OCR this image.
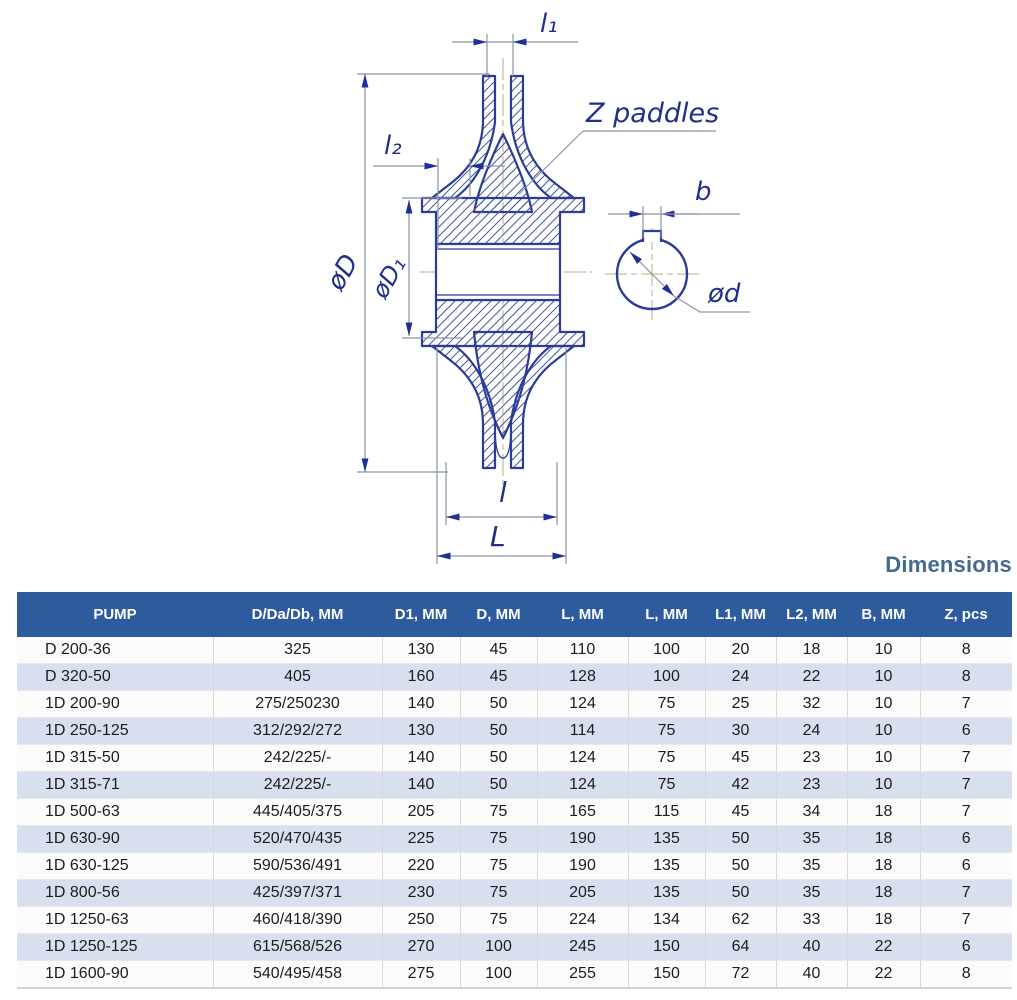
l₁
l₂
øD øD₁
Z paddles
b
ød
l
L
Dimensions
PUMP	D/Da/Db, MM	D1, MM	D, MM	L, MM	L, MM	L1, MM	L2, MM	B, MM	Z, pcs
D 200-36	325	130	45	110	100	20	18	10	8
D 320-50	405	160	45	128	100	24	22	10	8
1D 200-90	275/250230	140	50	124	75	25	32	10	7
1D 250-125	312/292/272	130	50	114	75	30	24	10	6
1D 315-50	242/225/-	140	50	124	75	45	23	10	7
1D 315-71	242/225/-	140	50	124	75	42	23	10	7
1D 500-63	445/405/375	205	75	165	115	45	34	18	7
1D 630-90	520/470/435	225	75	190	135	50	35	18	6
1D 630-125	590/536/491	220	75	190	135	50	35	18	6
1D 800-56	425/397/371	230	75	205	135	50	35	18	7
1D 1250-63	460/418/390	250	75	224	134	62	33	18	7
1D 1250-125	615/568/526	270	100	245	150	64	40	22	6
1D 1600-90	540/495/458	275	100	255	150	72	40	22	8
